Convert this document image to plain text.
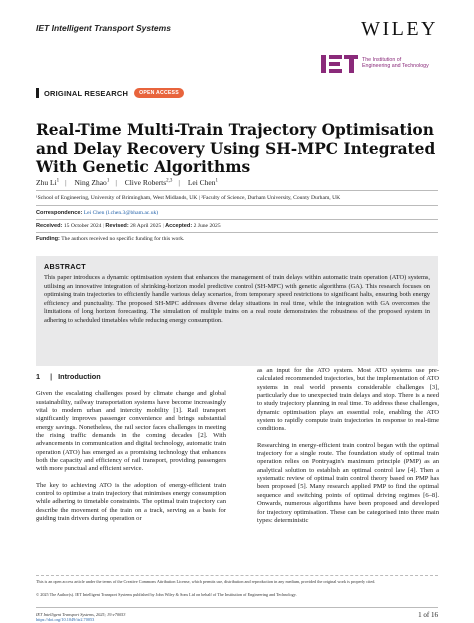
IET Intelligent Transport Systems	WILEY
The Institution of
Engineering and Technology
ORIGINAL RESEARCH	OPEN ACCESS
Real-Time Multi-Train Trajectory Optimisation and Delay Recovery Using SH-MPC Integrated With Genetic Algorithms
Zhu Li$^1$ | Ning Zhao$^1$ | Clive Roberts$^{2,3}$ | Lei Chen$^1$
¹School of Engineering, University of Brimingham, West Midlands, UK | ²Faculty of Science, Durham University, County Durham, UK
Correspondence: Lei Chen (l.chen.3@bham.ac.uk)
Received: 15 October 2024 | Revised: 28 April 2025 | Accepted: 2 June 2025
Funding: The authors received no specific funding for this work.
ABSTRACT

This paper introduces a dynamic optimisation system that enhances the management of train delays within automatic train operation (ATO) systems, utilising an innovative integration of shrinking-horizon model predictive control (SH-MPC) with genetic algorithms (GA). This research focuses on optimising train trajectories to efficiently handle various delay scenarios, from temporary speed restrictions to significant halts, ensuring both energy efficiency and punctuality. The proposed SH-MPC addresses diverse delay situations in real time, while the integration with GA overcomes the limitations of long horizon forecasting. The simulation of multiple trains on a real route demonstrates the robustness of the proposed system in adhering to scheduled timetables while reducing energy consumption.

1 | Introduction

Given the escalating challenges posed by climate change and global sustainability, railway transportation systems have become increasingly vital to modern urban and intercity mobility [1]. Rail transport significantly improves passenger convenience and brings substantial energy savings. Nonetheless, the rail sector faces challenges in meeting the rising traffic demands in the coming decades [2]. With advancements in communication and digital technology, automatic train operation (ATO) has emerged as a promising technology that enhances both the capacity and efficiency of rail transport, providing passengers with more punctual and efficient service.

The key to achieving ATO is the adoption of energy-efficient train control to optimise a train trajectory that minimises energy consumption while adhering to timetable constraints. The optimal train trajectory can describe the movement of the train on a track, serving as a basis for guiding train drivers during operation or

as an input for the ATO system. Most ATO systems use pre-calculated recommended trajectories, but the implementation of ATO systems in real world presents considerable challenges [3], particularly due to unexpected train delays and stop. There is a need to study trajectory planning in real time. To address these challenges, dynamic optimisation plays an essential role, enabling the ATO system to rapidly compute train trajectories in response to real-time conditions.

Researching in energy-efficient train control began with the optimal trajectory for a single route. The foundation study of optimal train operation relies on Pontryagin's maximum principle (PMP) as an analytical solution to establish an optimal control law [4]. Then a systematic review of optimal train control theory based on PMP has been proposed [5]. Many research applied PMP to find the optimal sequence and switching points of optimal driving regimes [6–8]. Onwards, numerous algorithms have been proposed and developed for trajectory optimisation. These can be categorised into three main types: deterministic

This is an open access article under the terms of the Creative Commons Attribution License, which permits use, distribution and reproduction in any medium, provided the original work is properly cited.
© 2025 The Author(s). IET Intelligent Transport Systems published by John Wiley & Sons Ltd on behalf of The Institution of Engineering and Technology.
IET Intelligent Transport Systems, 2025; 19:e70053
https://doi.org/10.1049/itr2.70053
1 of 16
